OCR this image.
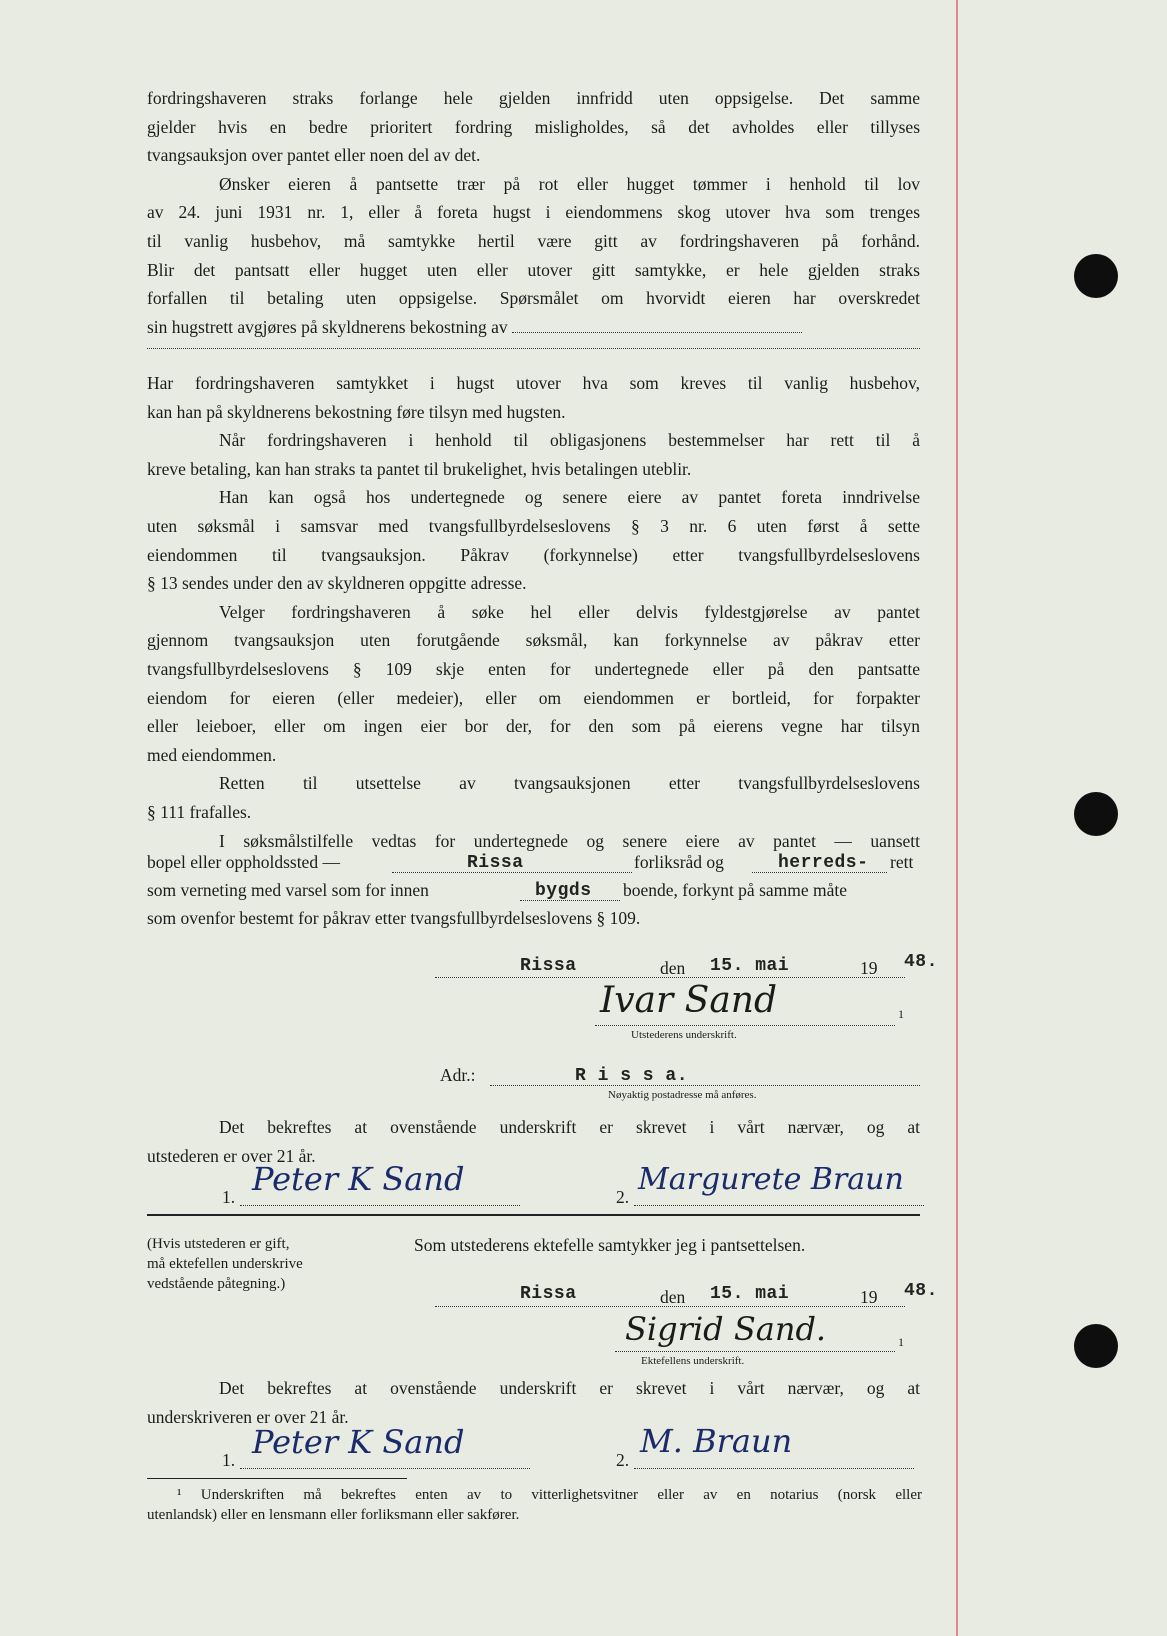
fordringshaveren straks forlange hele gjelden innfridd uten oppsigelse. Det samme
gjelder hvis en bedre prioritert fordring misligholdes, så det avholdes eller tillyses
tvangsauksjon over pantet eller noen del av det.
Ønsker eieren å pantsette trær på rot eller hugget tømmer i henhold til lov
av 24. juni 1931 nr. 1, eller å foreta hugst i eiendommens skog utover hva som trenges
til vanlig husbehov, må samtykke hertil være gitt av fordringshaveren på forhånd.
Blir det pantsatt eller hugget uten eller utover gitt samtykke, er hele gjelden straks
forfallen til betaling uten oppsigelse. Spørsmålet om hvorvidt eieren har overskredet
sin hugstrett avgjøres på skyldnerens bekostning av
Har fordringshaveren samtykket i hugst utover hva som kreves til vanlig husbehov,
kan han på skyldnerens bekostning føre tilsyn med hugsten.
Når fordringshaveren i henhold til obligasjonens bestemmelser har rett til å
kreve betaling, kan han straks ta pantet til brukelighet, hvis betalingen uteblir.
Han kan også hos undertegnede og senere eiere av pantet foreta inndrivelse
uten søksmål i samsvar med tvangsfullbyrdelseslovens § 3 nr. 6 uten først å sette
eiendommen til tvangsauksjon. Påkrav (forkynnelse) etter tvangsfullbyrdelseslovens
§ 13 sendes under den av skyldneren oppgitte adresse.
Velger fordringshaveren å søke hel eller delvis fyldestgjørelse av pantet
gjennom tvangsauksjon uten forutgående søksmål, kan forkynnelse av påkrav etter
tvangsfullbyrdelseslovens § 109 skje enten for undertegnede eller på den pantsatte
eiendom for eieren (eller medeier), eller om eiendommen er bortleid, for forpakter
eller leieboer, eller om ingen eier bor der, for den som på eierens vegne har tilsyn
med eiendommen.
Retten til utsettelse av tvangsauksjonen etter tvangsfullbyrdelseslovens
§ 111 frafalles.
I søksmålstilfelle vedtas for undertegnede og senere eiere av pantet — uansett
bopel eller oppholdssted —	Rissa	forliksråd og	herreds- rett
som verneting med varsel som for innen	bygds boende, forkynt på samme måte
som ovenfor bestemt for påkrav etter tvangsfullbyrdelseslovens § 109.
Rissa	den 15. mai	19 48.
Ivar Sand	1
Utstederens underskrift.
Adr.:	R i s s a.
Nøyaktig postadresse må anføres.
Det bekreftes at ovenstående underskrift er skrevet i vårt nærvær, og at
utstederen er over 21 år.
1. Peter K Sand	2. Margurete Braun
(Hvis utstederen er gift,
må ektefellen underskrive
vedstående påtegning.)
Som utstederens ektefelle samtykker jeg i pantsettelsen.
Rissa	den 15. mai	19 48.
Sigrid Sand.	1
Ektefellens underskrift.
Det bekreftes at ovenstående underskrift er skrevet i vårt nærvær, og at
underskriveren er over 21 år.
1. Peter K Sand	2. M. Braun
¹ Underskriften må bekreftes enten av to vitterlighetsvitner eller av en notarius (norsk eller
utenlandsk) eller en lensmann eller forliksmann eller sakfører.
